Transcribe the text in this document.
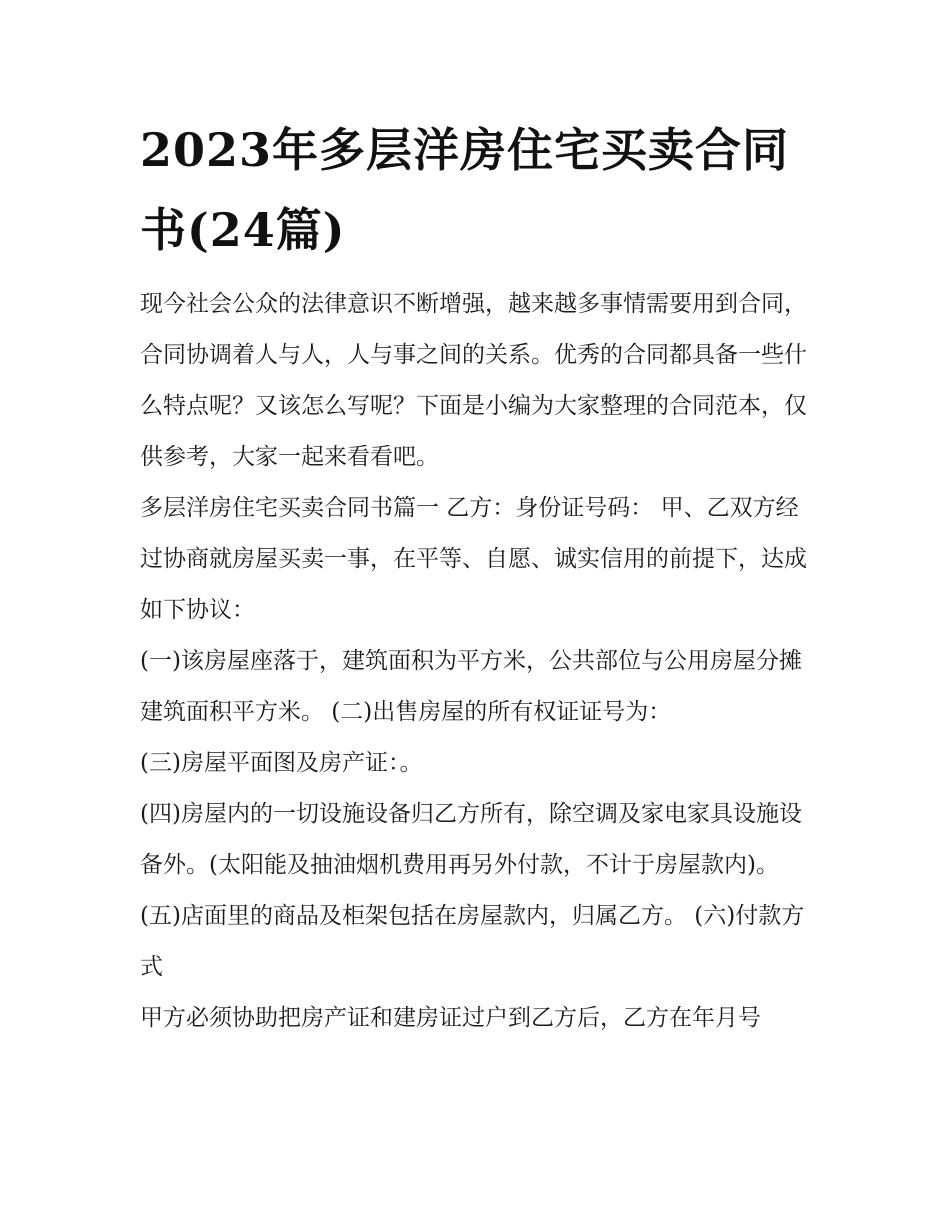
2023年多层洋房住宅买卖合同书(24篇)

现今社会公众的法律意识不断增强，越来越多事情需要用到合同，合同协调着人与人，人与事之间的关系。优秀的合同都具备一些什么特点呢？又该怎么写呢？下面是小编为大家整理的合同范本，仅供参考，大家一起来看看吧。

多层洋房住宅买卖合同书篇一 乙方：身份证号码： 甲、乙双方经过协商就房屋买卖一事，在平等、自愿、诚实信用的前提下，达成如下协议：

(一)该房屋座落于，建筑面积为平方米，公共部位与公用房屋分摊建筑面积平方米。 (二)出售房屋的所有权证证号为：

(三)房屋平面图及房产证：。

(四)房屋内的一切设施设备归乙方所有，除空调及家电家具设施设备外。(太阳能及抽油烟机费用再另外付款，不计于房屋款内)。

(五)店面里的商品及柜架包括在房屋款内，归属乙方。 (六)付款方式

甲方必须协助把房产证和建房证过户到乙方后，乙方在年月号
